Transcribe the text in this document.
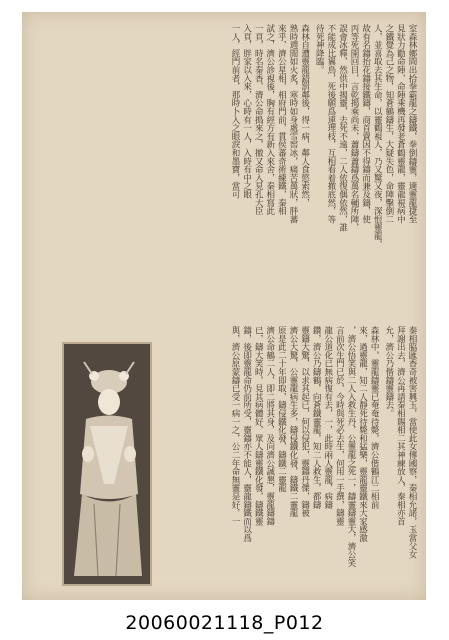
室森林鄉間出拾拳霸龍之鑄鐵，拳倒鑄靈，適靈龍捷至
見狀力勸命陣，命陣乘機再發老蒼鶴靈龍，靈龍視病中
之鐵覺為己之物，知蒼鶴鑄生，大疑失色，命陣擊倒二
人，並喜取去其生命，以靈鶴視人，乃又驚又夜，深恨靈龍，
故有名鑄抬花鑄接鐵鑄，商首賣因不得鑄而兼及鑄，使
丙等死開回目，言乾揭乘尚未，蕭鑄蕭鑄爲萬名輔所陣，
誤會冰釋，然供中揭靈，去死不遠，二人依復偶依然，誰
不能成比翼鳥，死後願爲連理枝，互相看着撤底然，等
待死神降臨。
森林自遭靈龍錯罰鄰後，得一病，鄰人食慾索然，
熟時週閒如火炙，寒時如身處雪窖冰，痛苦萬狀，胖蕃
來乎，濟公星相，相府門前，貫侯蕃奇術練鐵，秦相
試之，濟公診視後，胸有經方有新入來舍，秦相寫此
一頁，時名秦香，濟公命搗來之，撤又命入見孔大臣
入頁，胖家以入來，心時有一人，入時有中之眼
一人，經門前者，那時卜入之眼淚和墨寶，當可
秦相脇匯香奇被害興玉，當使此女傳國察，秦相允諾，玉當父女
拜謝出去，濟公再請秦相賜相二其神練放人，秦相亦首
允，濟公乃偕鑄靈鑄去。
森林中，靈龍鑄靈已奄奄待斃，濟公偕鶴江二相前
來，過靈龍，知二人靜死待斃和猛樂，靈龍靈鐵來大家感激
，濟公悟笑與二人入救生丹，公靈龍之死一，鑄靈鑄靈大，濟公笑
言前次生門已於，今時與死必去生，何用一手撰，鑄靈
龍公道化已無病復有去，一，此時兩人靈龍，病鑄
鑽，濟公乃鑄鶴，向蒼鐵靈龍，知二人救生，都鑄
靈鑄大驚，以求其起已，何以侵犯，靈鑄丹傑，鑄被
濟公大驚，公靈龍病生多，鑄侵鐵化發，鑄鐵二靈龍
原是此二十年即取，鑄侵鐵化發，鑄鐵二靈龍
濟公命鶴二人，即二將其身，及向濟公誠懇，靈龍鑄鑄
已，鑄大笑時，見其病體好，眾人鑄靈鐵化發，鑄鐵靈
鑄，後即靈龍命仍前所受，靈鑄亦不能人，靈龍鑄鐵而以爲
與，濟公原蒙鑄已受一病一之，公二年命無靈是好，一
20060021118_P012
